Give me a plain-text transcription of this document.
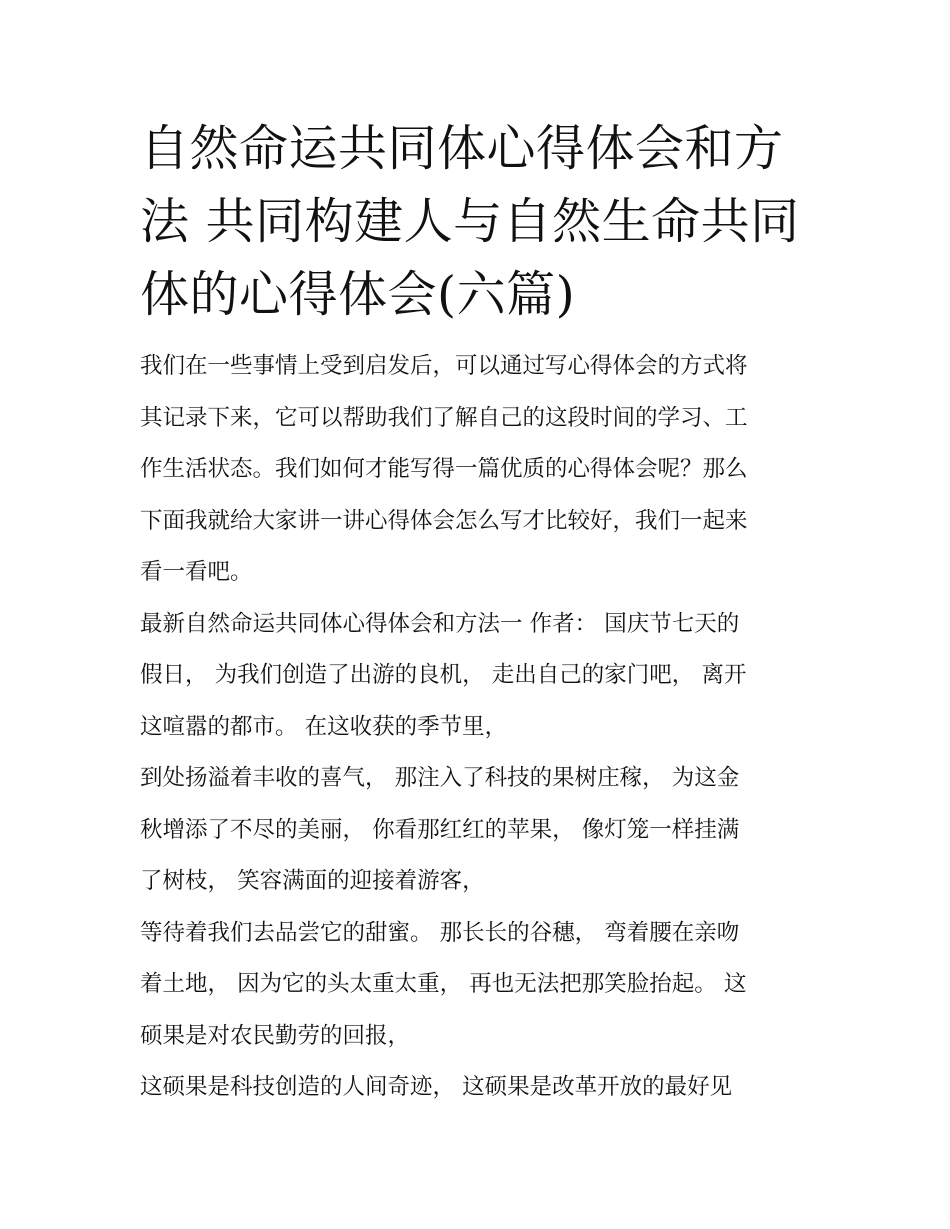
自然命运共同体心得体会和方
法 共同构建人与自然生命共同
体的心得体会(六篇)

我们在一些事情上受到启发后，可以通过写心得体会的方式将
其记录下来，它可以帮助我们了解自己的这段时间的学习、工
作生活状态。我们如何才能写得一篇优质的心得体会呢？那么
下面我就给大家讲一讲心得体会怎么写才比较好，我们一起来
看一看吧。

最新自然命运共同体心得体会和方法一 作者： 国庆节七天的
假日， 为我们创造了出游的良机， 走出自己的家门吧， 离开
这喧嚣的都市。 在这收获的季节里，

到处扬溢着丰收的喜气， 那注入了科技的果树庄稼， 为这金
秋增添了不尽的美丽， 你看那红红的苹果， 像灯笼一样挂满
了树枝， 笑容满面的迎接着游客，

等待着我们去品尝它的甜蜜。 那长长的谷穗， 弯着腰在亲吻
着土地， 因为它的头太重太重， 再也无法把那笑脸抬起。 这
硕果是对农民勤劳的回报，

这硕果是科技创造的人间奇迹， 这硕果是改革开放的最好见
